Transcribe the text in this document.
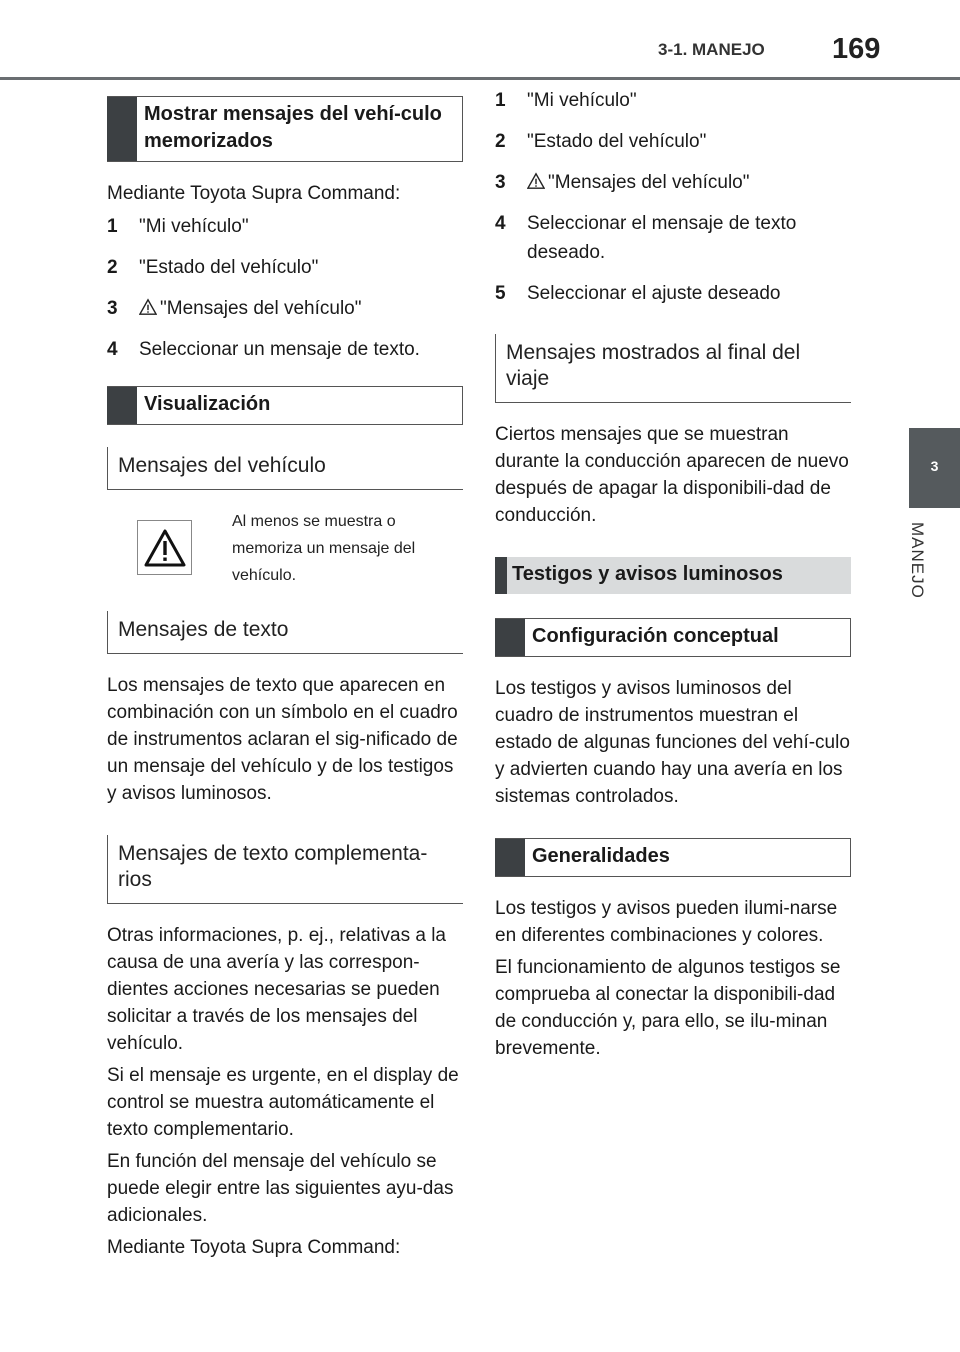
3-1. MANEJO 169
3
MANEJO
Mostrar mensajes del vehí-culo memorizados

Mediante Toyota Supra Command:

1	"Mi vehículo"
2	"Estado del vehículo"
3	"Mensajes del vehículo"
4	Seleccionar un mensaje de texto.
Visualización
Mensajes del vehículo
Al menos se muestra o memoriza un mensaje del vehículo.
Mensajes de texto

Los mensajes de texto que aparecen en combinación con un símbolo en el cuadro de instrumentos aclaran el sig-nificado de un mensaje del vehículo y de los testigos y avisos luminosos.

Mensajes de texto complementa-rios

Otras informaciones, p. ej., relativas a la causa de una avería y las correspon-dientes acciones necesarias se pueden solicitar a través de los mensajes del vehículo.

Si el mensaje es urgente, en el display de control se muestra automáticamente el texto complementario.

En función del mensaje del vehículo se puede elegir entre las siguientes ayu-das adicionales.

Mediante Toyota Supra Command:

1	"Mi vehículo"
2	"Estado del vehículo"
3	"Mensajes del vehículo"
4	Seleccionar el mensaje de texto deseado.
5	Seleccionar el ajuste deseado
Mensajes mostrados al final del viaje

Ciertos mensajes que se muestran durante la conducción aparecen de nuevo después de apagar la disponibili-dad de conducción.

Testigos y avisos luminosos
Configuración conceptual

Los testigos y avisos luminosos del cuadro de instrumentos muestran el estado de algunas funciones del vehí-culo y advierten cuando hay una avería en los sistemas controlados.

Generalidades

Los testigos y avisos pueden ilumi-narse en diferentes combinaciones y colores.

El funcionamiento de algunos testigos se comprueba al conectar la disponibili-dad de conducción y, para ello, se ilu-minan brevemente.
